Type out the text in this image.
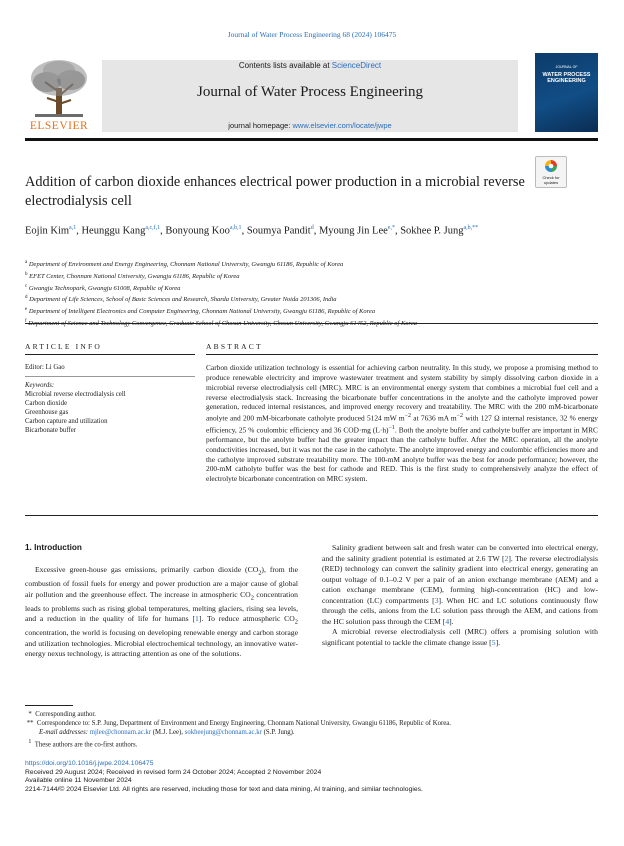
Journal of Water Process Engineering 68 (2024) 106475
ELSEVIER
Contents lists available at ScienceDirect
Journal of Water Process Engineering
journal homepage: www.elsevier.com/locate/jwpe
JOURNAL OF
WATER PROCESS ENGINEERING
Check for updates
Addition of carbon dioxide enhances electrical power production in a microbial reverse electrodialysis cell
Eojin Kim$^{a,1}$, Heunggu Kang$^{a,c,f,1}$, Bonyoung Koo$^{a,b,1}$, Soumya Pandit$^d$, Myoung Jin Lee$^{e,*}$, Sokhee P. Jung$^{a,b,**}$
$^a$ Department of Environment and Energy Engineering, Chonnam National University, Gwangju 61186, Republic of Korea
$^b$ EFET Center, Chonnam National University, Gwangju 61186, Republic of Korea
$^c$ Gwangju Technopark, Gwangju 61008, Republic of Korea
$^d$ Department of Life Sciences, School of Basic Sciences and Research, Sharda University, Greater Noida 201306, India
$^e$ Department of Intelligent Electronics and Computer Engineering, Chonnam National University, Gwangju 61186, Republic of Korea
$^f$
ARTICLE INFO	ABSTRACT
Editor: Li Gao
Keywords:
Microbial reverse electrodialysis cell
Carbon dioxide
Greenhouse gas
Carbon capture and utilization
Bicarbonate buffer
Carbon dioxide utilization technology is essential for achieving carbon neutrality. In this study, we propose a promising method to produce renewable electricity and improve wastewater treatment and system stability by simply dissolving carbon dioxide in a microbial reverse electrodialysis cell (MRC). MRC is an environmental energy system that combines a microbial fuel cell and a reverse electrodialysis stack. Increasing the bicarbonate buffer concentrations in the anolyte and the catholyte improved power generation, reduced internal resistances, and improved energy recovery and treatability. The MRC with the 200 mM-bicarbonate anolyte and 200 mM-bicarbonate catholyte produced 5124 mW $m^{-2}$ at 7636 mA $m^{-2}$ with 127 Ω internal resistance, 32 % energy efficiency, 25 % coulombic efficiency and 36 COD·mg $(L\cdot h)^{-1}$. Both the anolyte buffer and catholyte buffer are important in MRC performance, but the anolyte buffer had the greater impact than the catholyte buffer. After the MRC operation, all the anolyte conductivities increased, but it was not the case in the catholyte. The anolyte improved energy and coulombic efficiencies more and the catholyte improved substrate treatability more. The 100-mM anolyte buffer was the best for anode performance; however, the 200-mM catholyte buffer was the best for cathode and RED. This is the first study to comprehensively analyze the effect of electrolyte bicarbonate concentration on MRC system.
1. Introduction

Excessive green-house gas emissions, primarily carbon dioxide $(CO_2)$, from the combustion of fossil fuels for energy and power production are a major cause of global air pollution and the greenhouse effect. The increase in atmospheric $CO_2$ concentration leads to problems such as rising global temperatures, melting glaciers, rising sea levels, and a reduction in the quality of life for humans [1]. To reduce atmospheric $CO_2$ concentration, the world is focusing on developing renewable energy and carbon storage and utilization technologies. Microbial electrochemical technology, an innovative water-energy nexus technology, is attracting attention as one of the solutions.

Salinity gradient between salt and fresh water can be converted into electrical energy, and the salinity gradient potential is estimated at 2.6 TW [2]. The reverse electrodialysis (RED) technology can convert the salinity gradient into electrical energy, generating an output voltage of 0.1–0.2 V per a pair of an anion exchange membrane (AEM) and a cation exchange membrane (CEM), forming high-concentration (HC) and low-concentration (LC) compartments [3]. When HC and LC solutions continuously flow through the cells, anions from the LC solution pass through the AEM, and cations from the HC solution pass through the CEM [4].

A microbial reverse electrodialysis cell (MRC) offers a promising solution with significant potential to tackle the climate change issue [5].

* Corresponding author.
** Correspondence to: S.P. Jung, Department of Environment and Energy Engineering, Chonnam National University, Gwangju 61186, Republic of Korea.
E-mail addresses: mjlee@chonnam.ac.kr (M.J. Lee), sokheejung@chonnam.ac.kr (S.P. Jung).
$^1$ These authors are the co-first authors.
https://doi.org/10.1016/j.jwpe.2024.106475
Received 29 August 2024; Received in revised form 24 October 2024; Accepted 2 November 2024
Available online 11 November 2024
2214-7144/© 2024 Elsevier Ltd. All rights are reserved, including those for text and data mining, AI training, and similar technologies.
